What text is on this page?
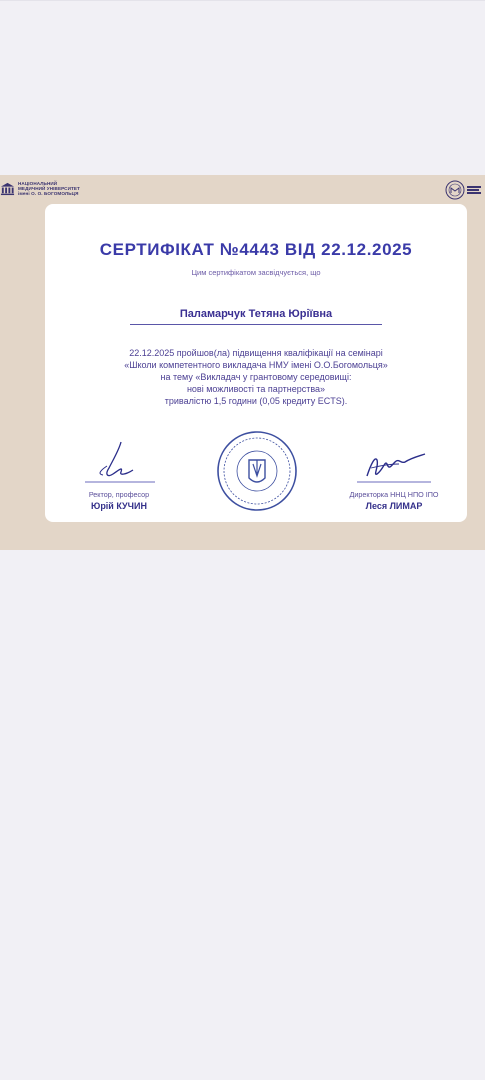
НАЦІОНАЛЬНИЙ
МЕДИЧНИЙ УНІВЕРСИТЕТ
імені О. О. БОГОМОЛЬЦЯ
СЕРТИФІКАТ №4443 ВІД 22.12.2025
Цим сертифікатом засвідчується, що
Паламарчук Тетяна Юріївна
22.12.2025 пройшов(ла) підвищення кваліфікації на семінарі
«Школи компетентного викладача НМУ імені О.О.Богомольця»
на тему «Викладач у грантовому середовищі:
нові можливості та партнерства»
тривалістю 1,5 години (0,05 кредиту ECTS).
Ректор, професор
Юрій КУЧИН
Директорка ННЦ НПО ІПО
Леся ЛИМАР
